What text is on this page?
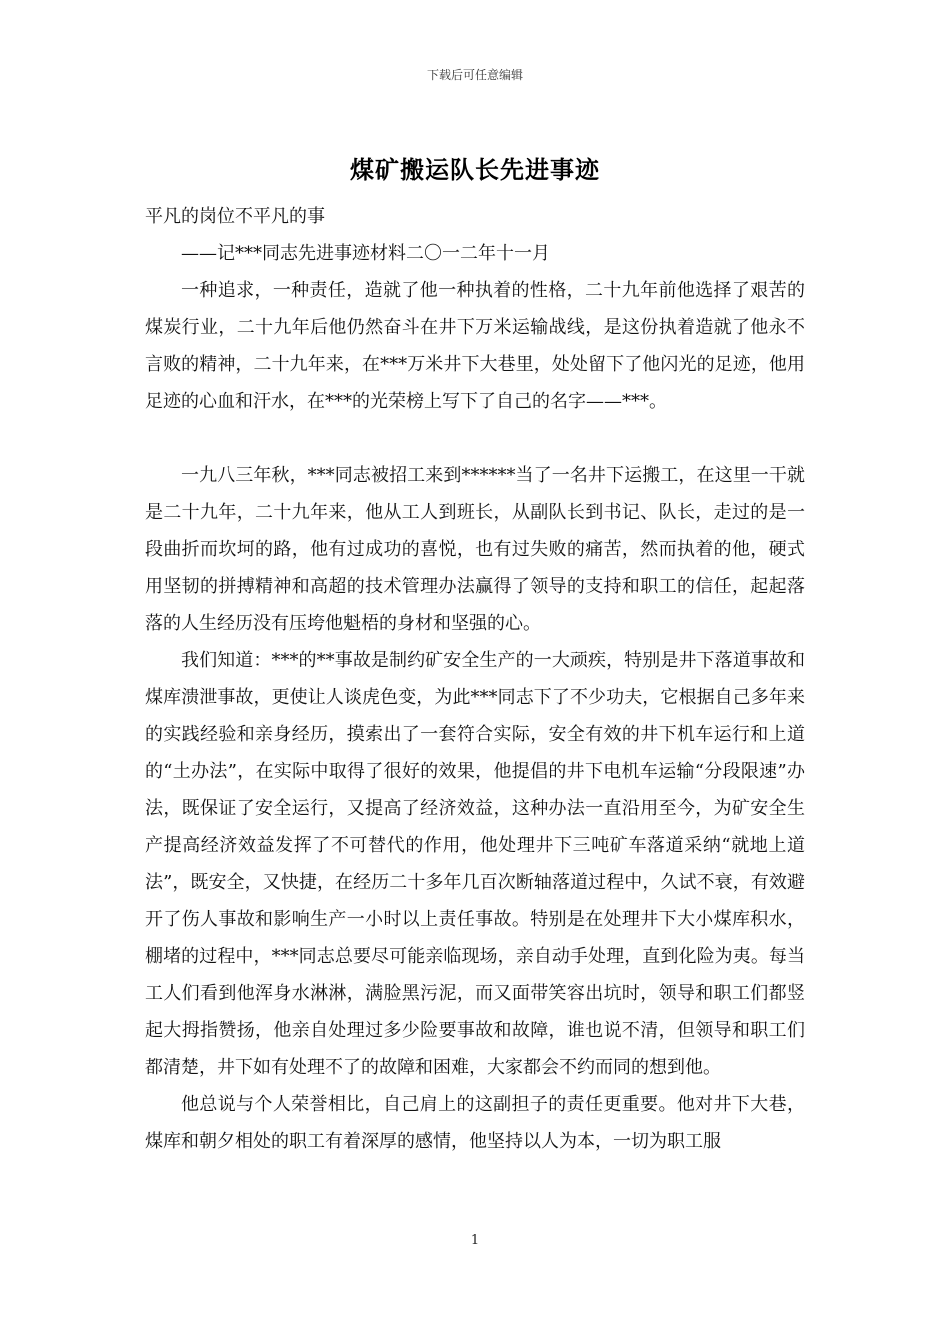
下载后可任意编辑
煤矿搬运队长先进事迹

平凡的岗位不平凡的事

——记***同志先进事迹材料二〇一二年十一月

一种追求，一种责任，造就了他一种执着的性格，二十九年前他选择了艰苦的煤炭行业，二十九年后他仍然奋斗在井下万米运输战线，是这份执着造就了他永不言败的精神，二十九年来，在***万米井下大巷里，处处留下了他闪光的足迹，他用足迹的心血和汗水，在***的光荣榜上写下了自己的名字——***。

一九八三年秋，***同志被招工来到******当了一名井下运搬工，在这里一干就是二十九年，二十九年来，他从工人到班长，从副队长到书记、队长，走过的是一段曲折而坎坷的路，他有过成功的喜悦，也有过失败的痛苦，然而执着的他，硬式用坚韧的拼搏精神和高超的技术管理办法赢得了领导的支持和职工的信任，起起落落的人生经历没有压垮他魁梧的身材和坚强的心。

我们知道：***的**事故是制约矿安全生产的一大顽疾，特别是井下落道事故和煤库溃泄事故，更使让人谈虎色变，为此***同志下了不少功夫，它根据自己多年来的实践经验和亲身经历，摸索出了一套符合实际，安全有效的井下机车运行和上道的“土办法”，在实际中取得了很好的效果，他提倡的井下电机车运输“分段限速”办法，既保证了安全运行，又提高了经济效益，这种办法一直沿用至今，为矿安全生产提高经济效益发挥了不可替代的作用，他处理井下三吨矿车落道采纳“就地上道法”，既安全，又快捷，在经历二十多年几百次断轴落道过程中，久试不衰，有效避开了伤人事故和影响生产一小时以上责任事故。特别是在处理井下大小煤库积水，棚堵的过程中，***同志总要尽可能亲临现场，亲自动手处理，直到化险为夷。每当工人们看到他浑身水淋淋，满脸黑污泥，而又面带笑容出坑时，领导和职工们都竖起大拇指赞扬，他亲自处理过多少险要事故和故障，谁也说不清，但领导和职工们都清楚，井下如有处理不了的故障和困难，大家都会不约而同的想到他。

他总说与个人荣誉相比，自己肩上的这副担子的责任更重要。他对井下大巷，煤库和朝夕相处的职工有着深厚的感情，他坚持以人为本，一切为职工服

1
